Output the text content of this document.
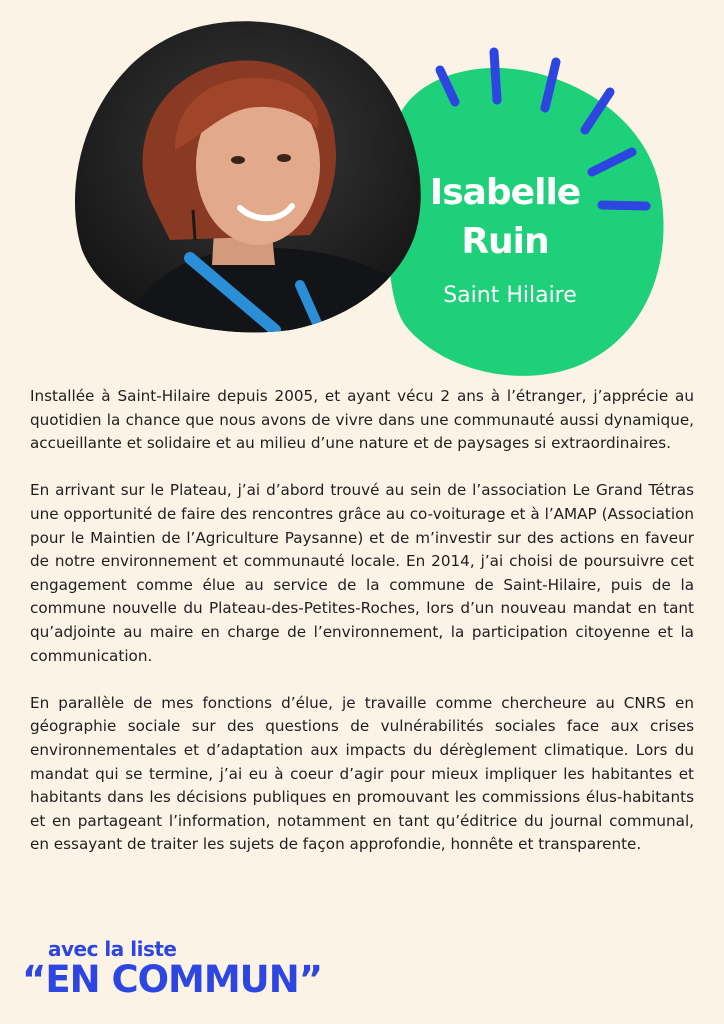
Isabelle
Ruin
Saint Hilaire

Installée à Saint-Hilaire depuis 2005, et ayant vécu 2 ans à l’étranger, j’apprécie au quotidien la chance que nous avons de vivre dans une communauté aussi dynamique, accueillante et solidaire et au milieu d’une nature et de paysages si extraordinaires.

En arrivant sur le Plateau, j’ai d’abord trouvé au sein de l’association Le Grand Tétras une opportunité de faire des rencontres grâce au co-voiturage et à l’AMAP (Association pour le Maintien de l’Agriculture Paysanne) et de m’investir sur des actions en faveur de notre environnement et communauté locale. En 2014, j’ai choisi de poursuivre cet engagement comme élue au service de la commune de Saint-Hilaire, puis de la commune nouvelle du Plateau-des-Petites-Roches, lors d’un nouveau mandat en tant qu’adjointe au maire en charge de l’environnement, la participation citoyenne et la communication.

En parallèle de mes fonctions d’élue, je travaille comme chercheure au CNRS en géographie sociale sur des questions de vulnérabilités sociales face aux crises environnementales et d’adaptation aux impacts du dérèglement climatique. Lors du mandat qui se termine, j’ai eu à coeur d’agir pour mieux impliquer les habitantes et habitants dans les décisions publiques en promouvant les commissions élus-habitants et en partageant l’information, notamment en tant qu’éditrice du journal communal, en essayant de traiter les sujets de façon approfondie, honnête et transparente.

avec la liste
“EN COMMUN”
